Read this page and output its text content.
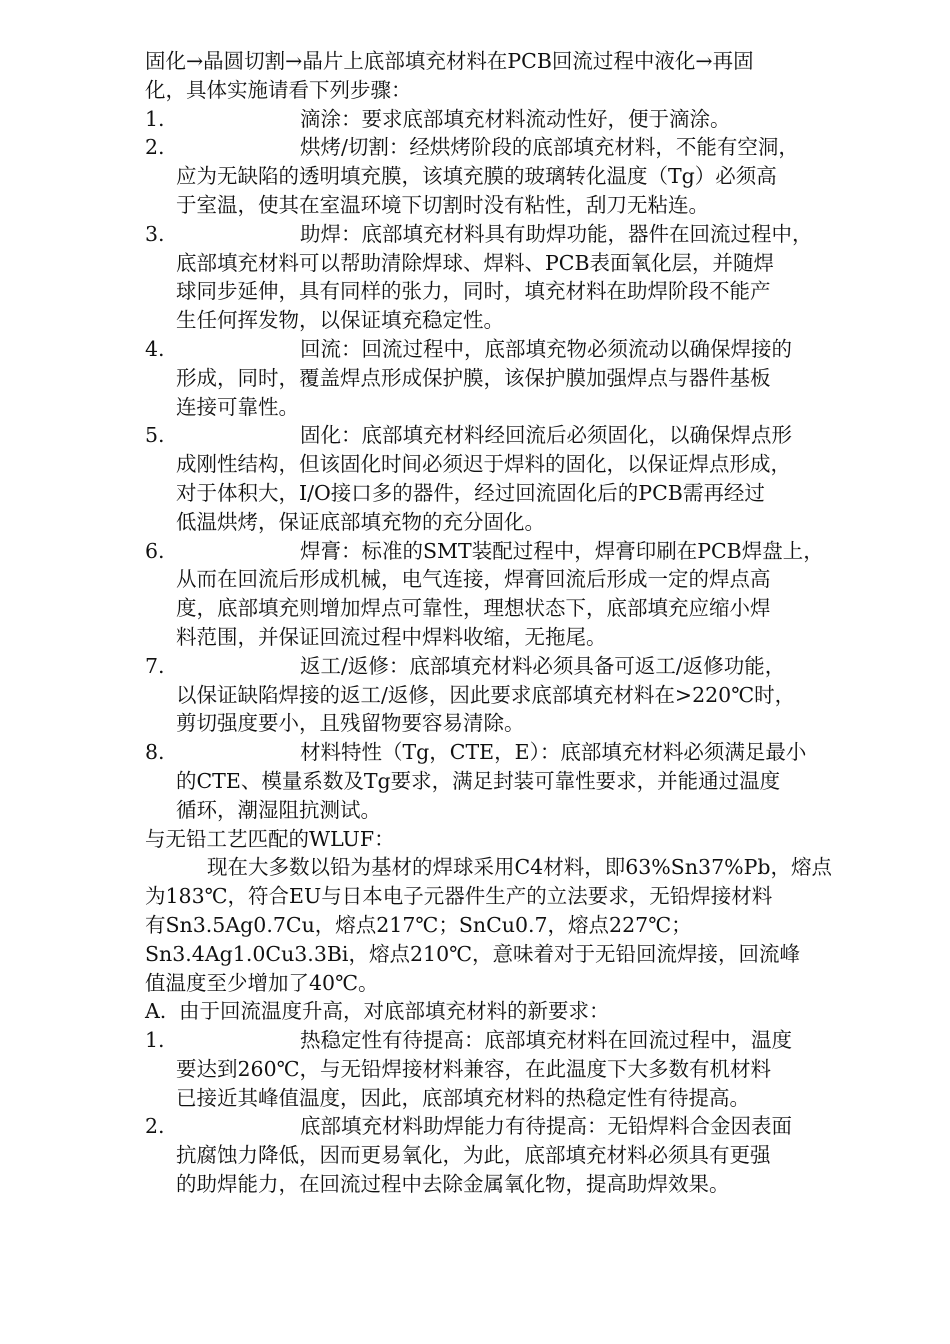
固化→晶圆切割→晶片上底部填充材料在PCB回流过程中液化→再固
化，具体实施请看下列步骤：
1.	滴涂：要求底部填充材料流动性好，便于滴涂。
2.	烘烤/切割：经烘烤阶段的底部填充材料，不能有空洞，
应为无缺陷的透明填充膜，该填充膜的玻璃转化温度（Tg）必须高
于室温，使其在室温环境下切割时没有粘性，刮刀无粘连。
3.	助焊：底部填充材料具有助焊功能，器件在回流过程中，
底部填充材料可以帮助清除焊球、焊料、PCB表面氧化层，并随焊
球同步延伸，具有同样的张力，同时，填充材料在助焊阶段不能产
生任何挥发物，以保证填充稳定性。
4.	回流：回流过程中，底部填充物必须流动以确保焊接的
形成，同时，覆盖焊点形成保护膜，该保护膜加强焊点与器件基板
连接可靠性。
5.	固化：底部填充材料经回流后必须固化，以确保焊点形
成刚性结构，但该固化时间必须迟于焊料的固化，以保证焊点形成，
对于体积大，I/O接口多的器件，经过回流固化后的PCB需再经过
低温烘烤，保证底部填充物的充分固化。
6.	焊膏：标准的SMT装配过程中，焊膏印刷在PCB焊盘上，
从而在回流后形成机械，电气连接，焊膏回流后形成一定的焊点高
度，底部填充则增加焊点可靠性，理想状态下，底部填充应缩小焊
料范围，并保证回流过程中焊料收缩，无拖尾。
7.	返工/返修：底部填充材料必须具备可返工/返修功能，
以保证缺陷焊接的返工/返修，因此要求底部填充材料在>220℃时，
剪切强度要小，且残留物要容易清除。
8.	材料特性（Tg，CTE，E）：底部填充材料必须满足最小
的CTE、模量系数及Tg要求，满足封装可靠性要求，并能通过温度
循环，潮湿阻抗测试。
与无铅工艺匹配的WLUF：
现在大多数以铅为基材的焊球采用C4材料，即63%Sn37%Pb，熔点
为183℃，符合EU与日本电子元器件生产的立法要求，无铅焊接材料
有Sn3.5Ag0.7Cu，熔点217℃；SnCu0.7，熔点227℃；
Sn3.4Ag1.0Cu3.3Bi，熔点210℃，意味着对于无铅回流焊接，回流峰
值温度至少增加了40℃。
A. 由于回流温度升高，对底部填充材料的新要求：
1.	热稳定性有待提高：底部填充材料在回流过程中，温度
要达到260℃，与无铅焊接材料兼容，在此温度下大多数有机材料
已接近其峰值温度，因此，底部填充材料的热稳定性有待提高。
2.	底部填充材料助焊能力有待提高：无铅焊料合金因表面
抗腐蚀力降低，因而更易氧化，为此，底部填充材料必须具有更强
的助焊能力，在回流过程中去除金属氧化物，提高助焊效果。
